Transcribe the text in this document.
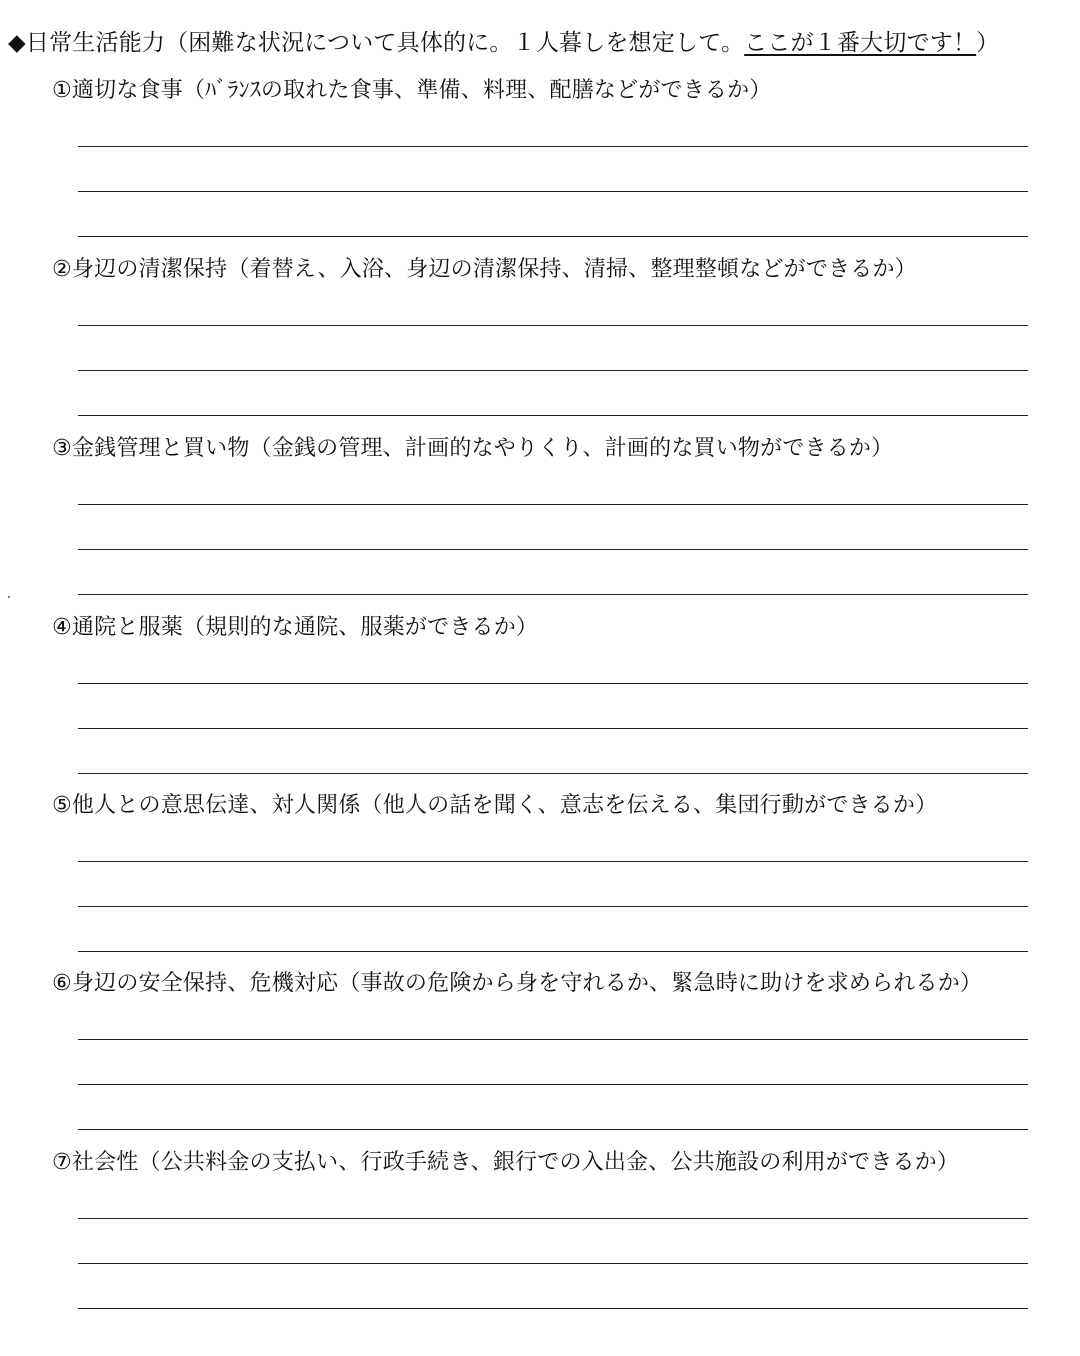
◆日常生活能力（困難な状況について具体的に。１人暮しを想定して。ここが１番大切です！）
①適切な食事（ﾊﾞﾗﾝｽの取れた食事、準備、料理、配膳などができるか）
②身辺の清潔保持（着替え、入浴、身辺の清潔保持、清掃、整理整頓などができるか）
③金銭管理と買い物（金銭の管理、計画的なやりくり、計画的な買い物ができるか）
④通院と服薬（規則的な通院、服薬ができるか）
⑤他人との意思伝達、対人関係（他人の話を聞く、意志を伝える、集団行動ができるか）
⑥身辺の安全保持、危機対応（事故の危険から身を守れるか、緊急時に助けを求められるか）
⑦社会性（公共料金の支払い、行政手続き、銀行での入出金、公共施設の利用ができるか）
